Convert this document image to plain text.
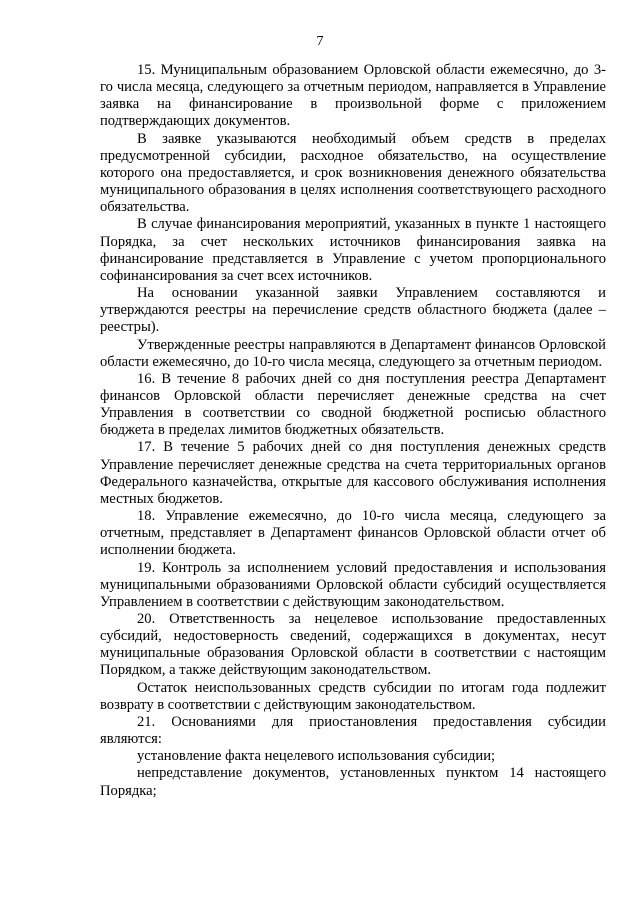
7

15. Муниципальным образованием Орловской области ежемесячно, до 3-го числа месяца, следующего за отчетным периодом, направляется в Управление заявка на финансирование в произвольной форме с приложением подтверждающих документов.

В заявке указываются необходимый объем средств в пределах предусмотренной субсидии, расходное обязательство, на осуществление которого она предоставляется, и срок возникновения денежного обязательства муниципального образования в целях исполнения соответствующего расходного обязательства.

В случае финансирования мероприятий, указанных в пункте 1 настоящего Порядка, за счет нескольких источников финансирования заявка на финансирование представляется в Управление с учетом пропорционального софинансирования за счет всех источников.

На основании указанной заявки Управлением составляются и утверждаются реестры на перечисление средств областного бюджета (далее – реестры).

Утвержденные реестры направляются в Департамент финансов Орловской области ежемесячно, до 10-го числа месяца, следующего за отчетным периодом.

16. В течение 8 рабочих дней со дня поступления реестра Департамент финансов Орловской области перечисляет денежные средства на счет Управления в соответствии со сводной бюджетной росписью областного бюджета в пределах лимитов бюджетных обязательств.

17. В течение 5 рабочих дней со дня поступления денежных средств Управление перечисляет денежные средства на счета территориальных органов Федерального казначейства, открытые для кассового обслуживания исполнения местных бюджетов.

18. Управление ежемесячно, до 10-го числа месяца, следующего за отчетным, представляет в Департамент финансов Орловской области отчет об исполнении бюджета.

19. Контроль за исполнением условий предоставления и использования муниципальными образованиями Орловской области субсидий осуществляется Управлением в соответствии с действующим законодательством.

20. Ответственность за нецелевое использование предоставленных субсидий, недостоверность сведений, содержащихся в документах, несут муниципальные образования Орловской области в соответствии с настоящим Порядком, а также действующим законодательством.

Остаток неиспользованных средств субсидии по итогам года подлежит возврату в соответствии с действующим законодательством.

21. Основаниями для приостановления предоставления субсидии являются:

установление факта нецелевого использования субсидии;

непредставление документов, установленных пунктом 14 настоящего Порядка;
